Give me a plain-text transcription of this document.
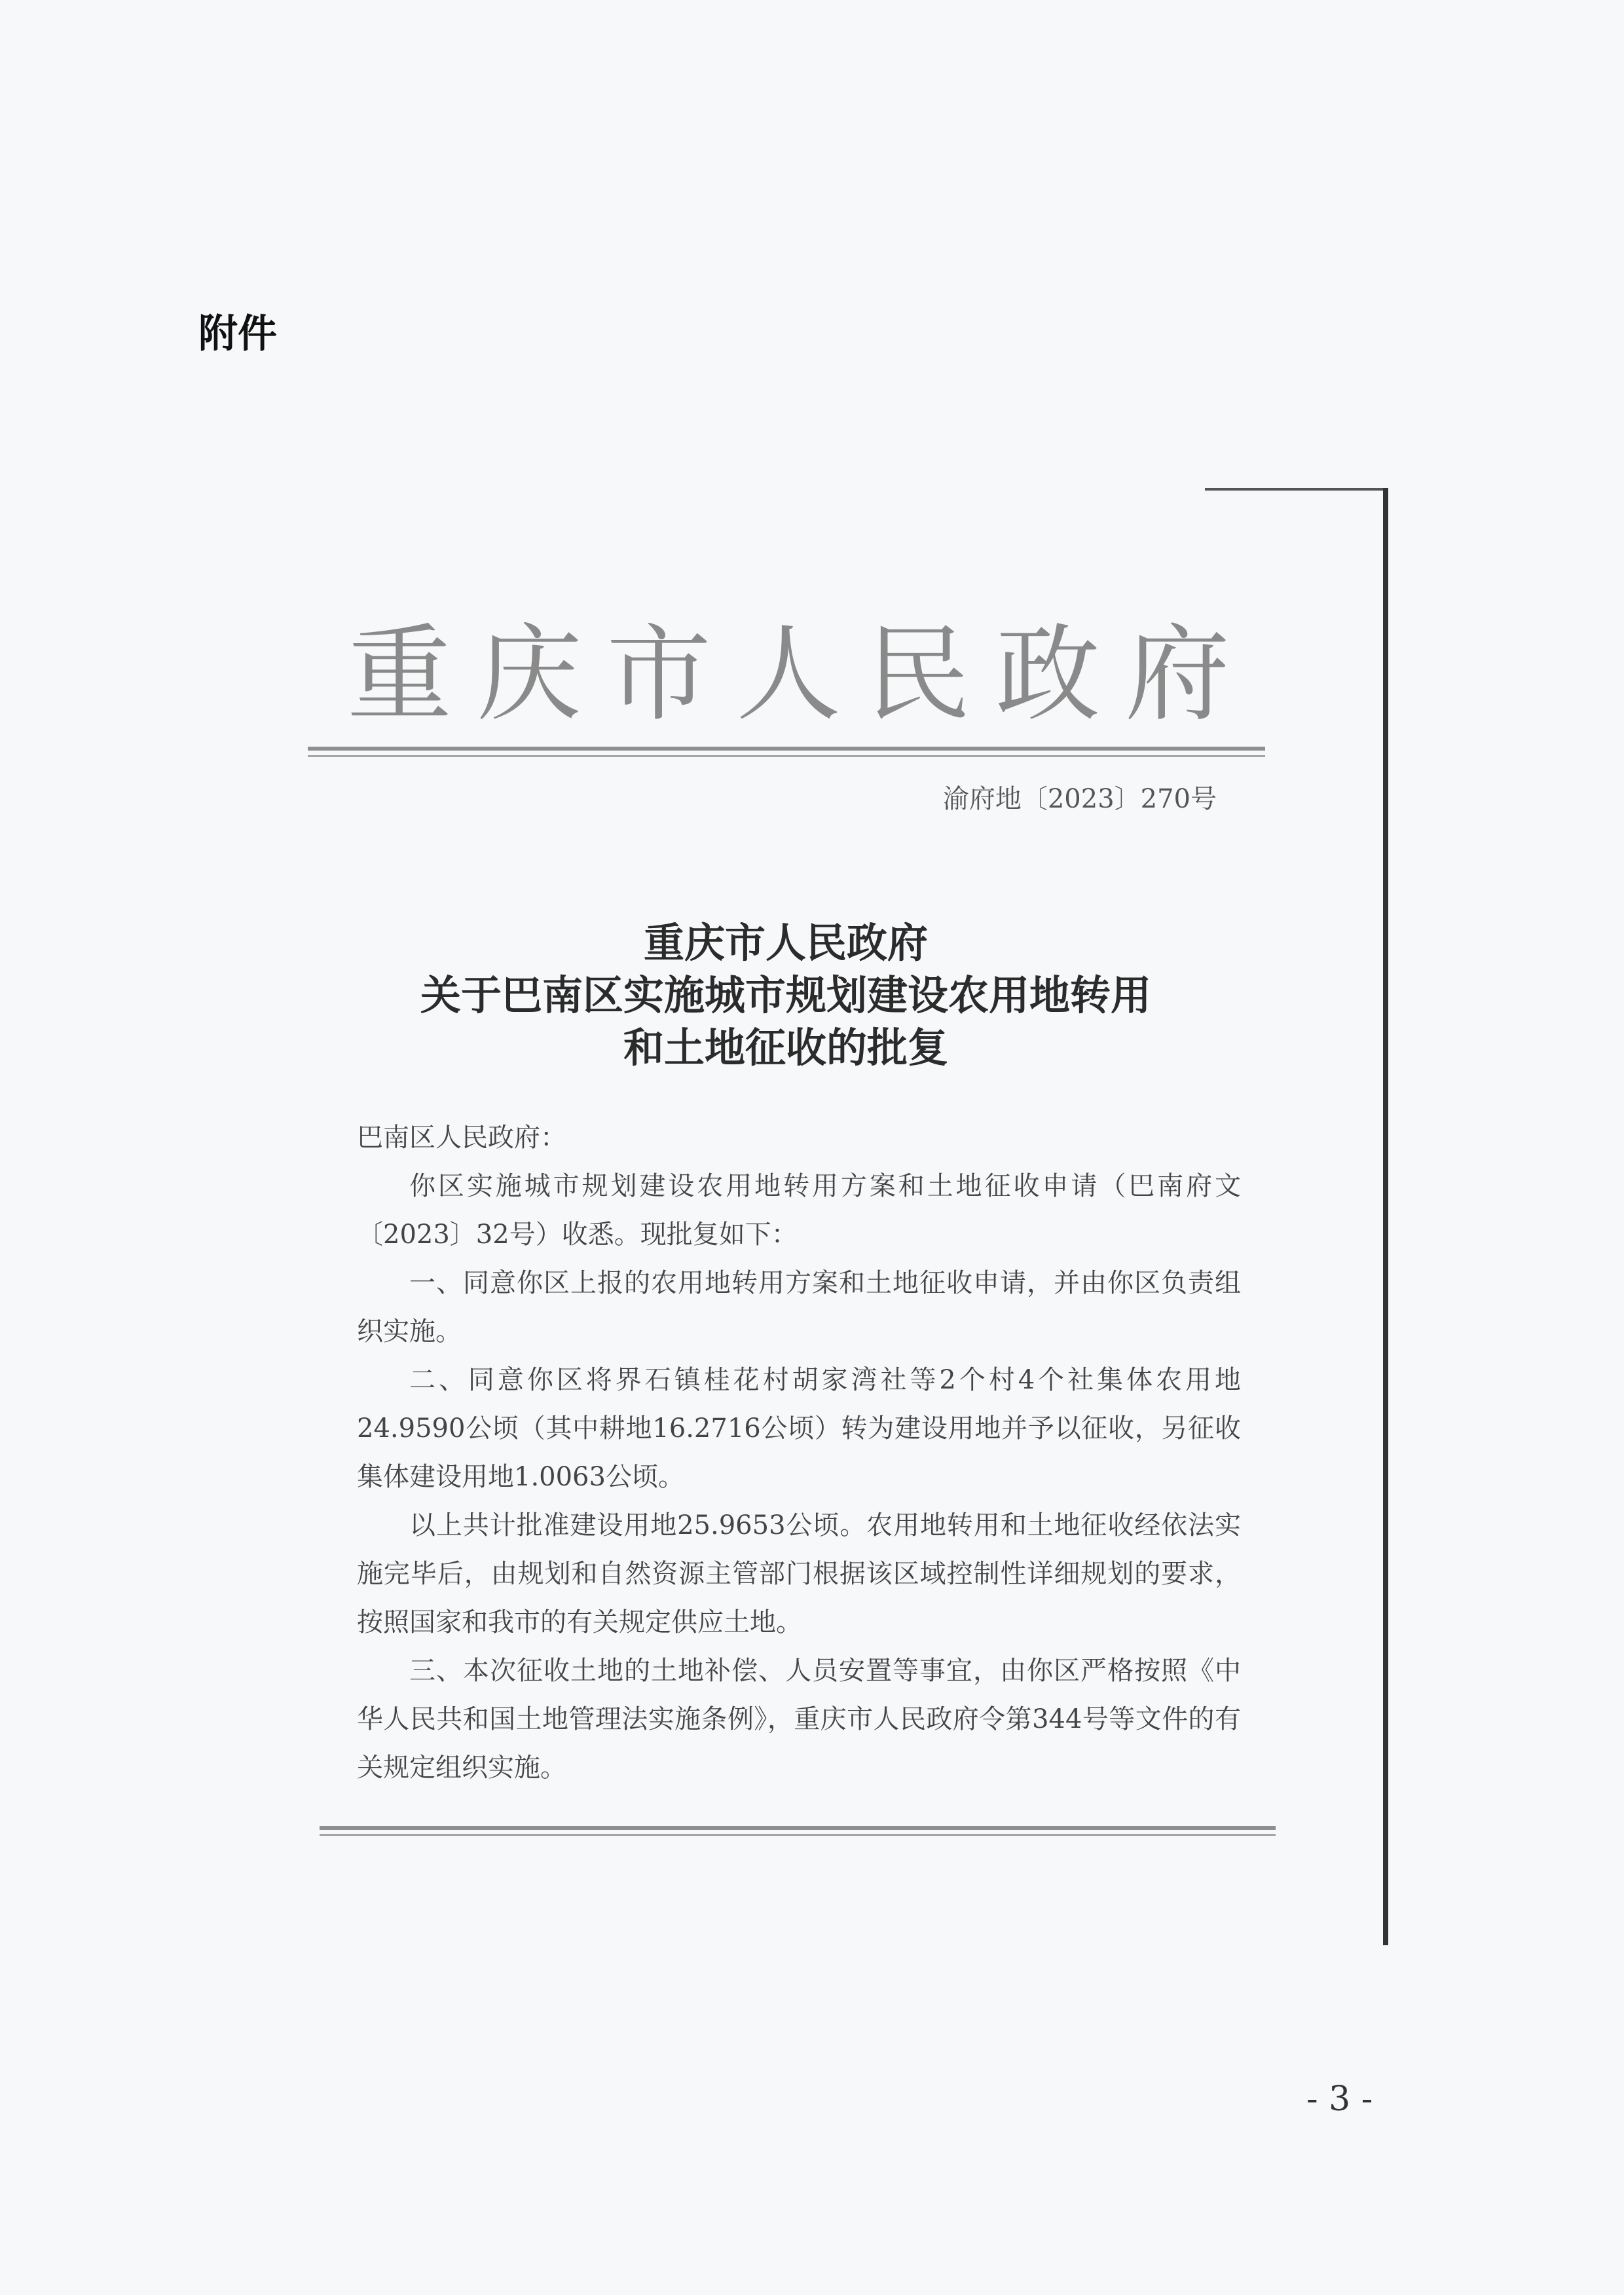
附件
重庆市人民政府
渝府地〔2023〕270号
重庆市人民政府
关于巴南区实施城市规划建设农用地转用
和土地征收的批复

巴南区人民政府：

你区实施城市规划建设农用地转用方案和土地征收申请（巴南府文〔2023〕32号）收悉。现批复如下：

一、同意你区上报的农用地转用方案和土地征收申请，并由你区负责组织实施。

二、同意你区将界石镇桂花村胡家湾社等2个村4个社集体农用地24.9590公顷（其中耕地16.2716公顷）转为建设用地并予以征收，另征收集体建设用地1.0063公顷。

以上共计批准建设用地25.9653公顷。农用地转用和土地征收经依法实施完毕后，由规划和自然资源主管部门根据该区域控制性详细规划的要求，按照国家和我市的有关规定供应土地。

三、本次征收土地的土地补偿、人员安置等事宜，由你区严格按照《中华人民共和国土地管理法实施条例》，重庆市人民政府令第344号等文件的有关规定组织实施。

- 3 -
